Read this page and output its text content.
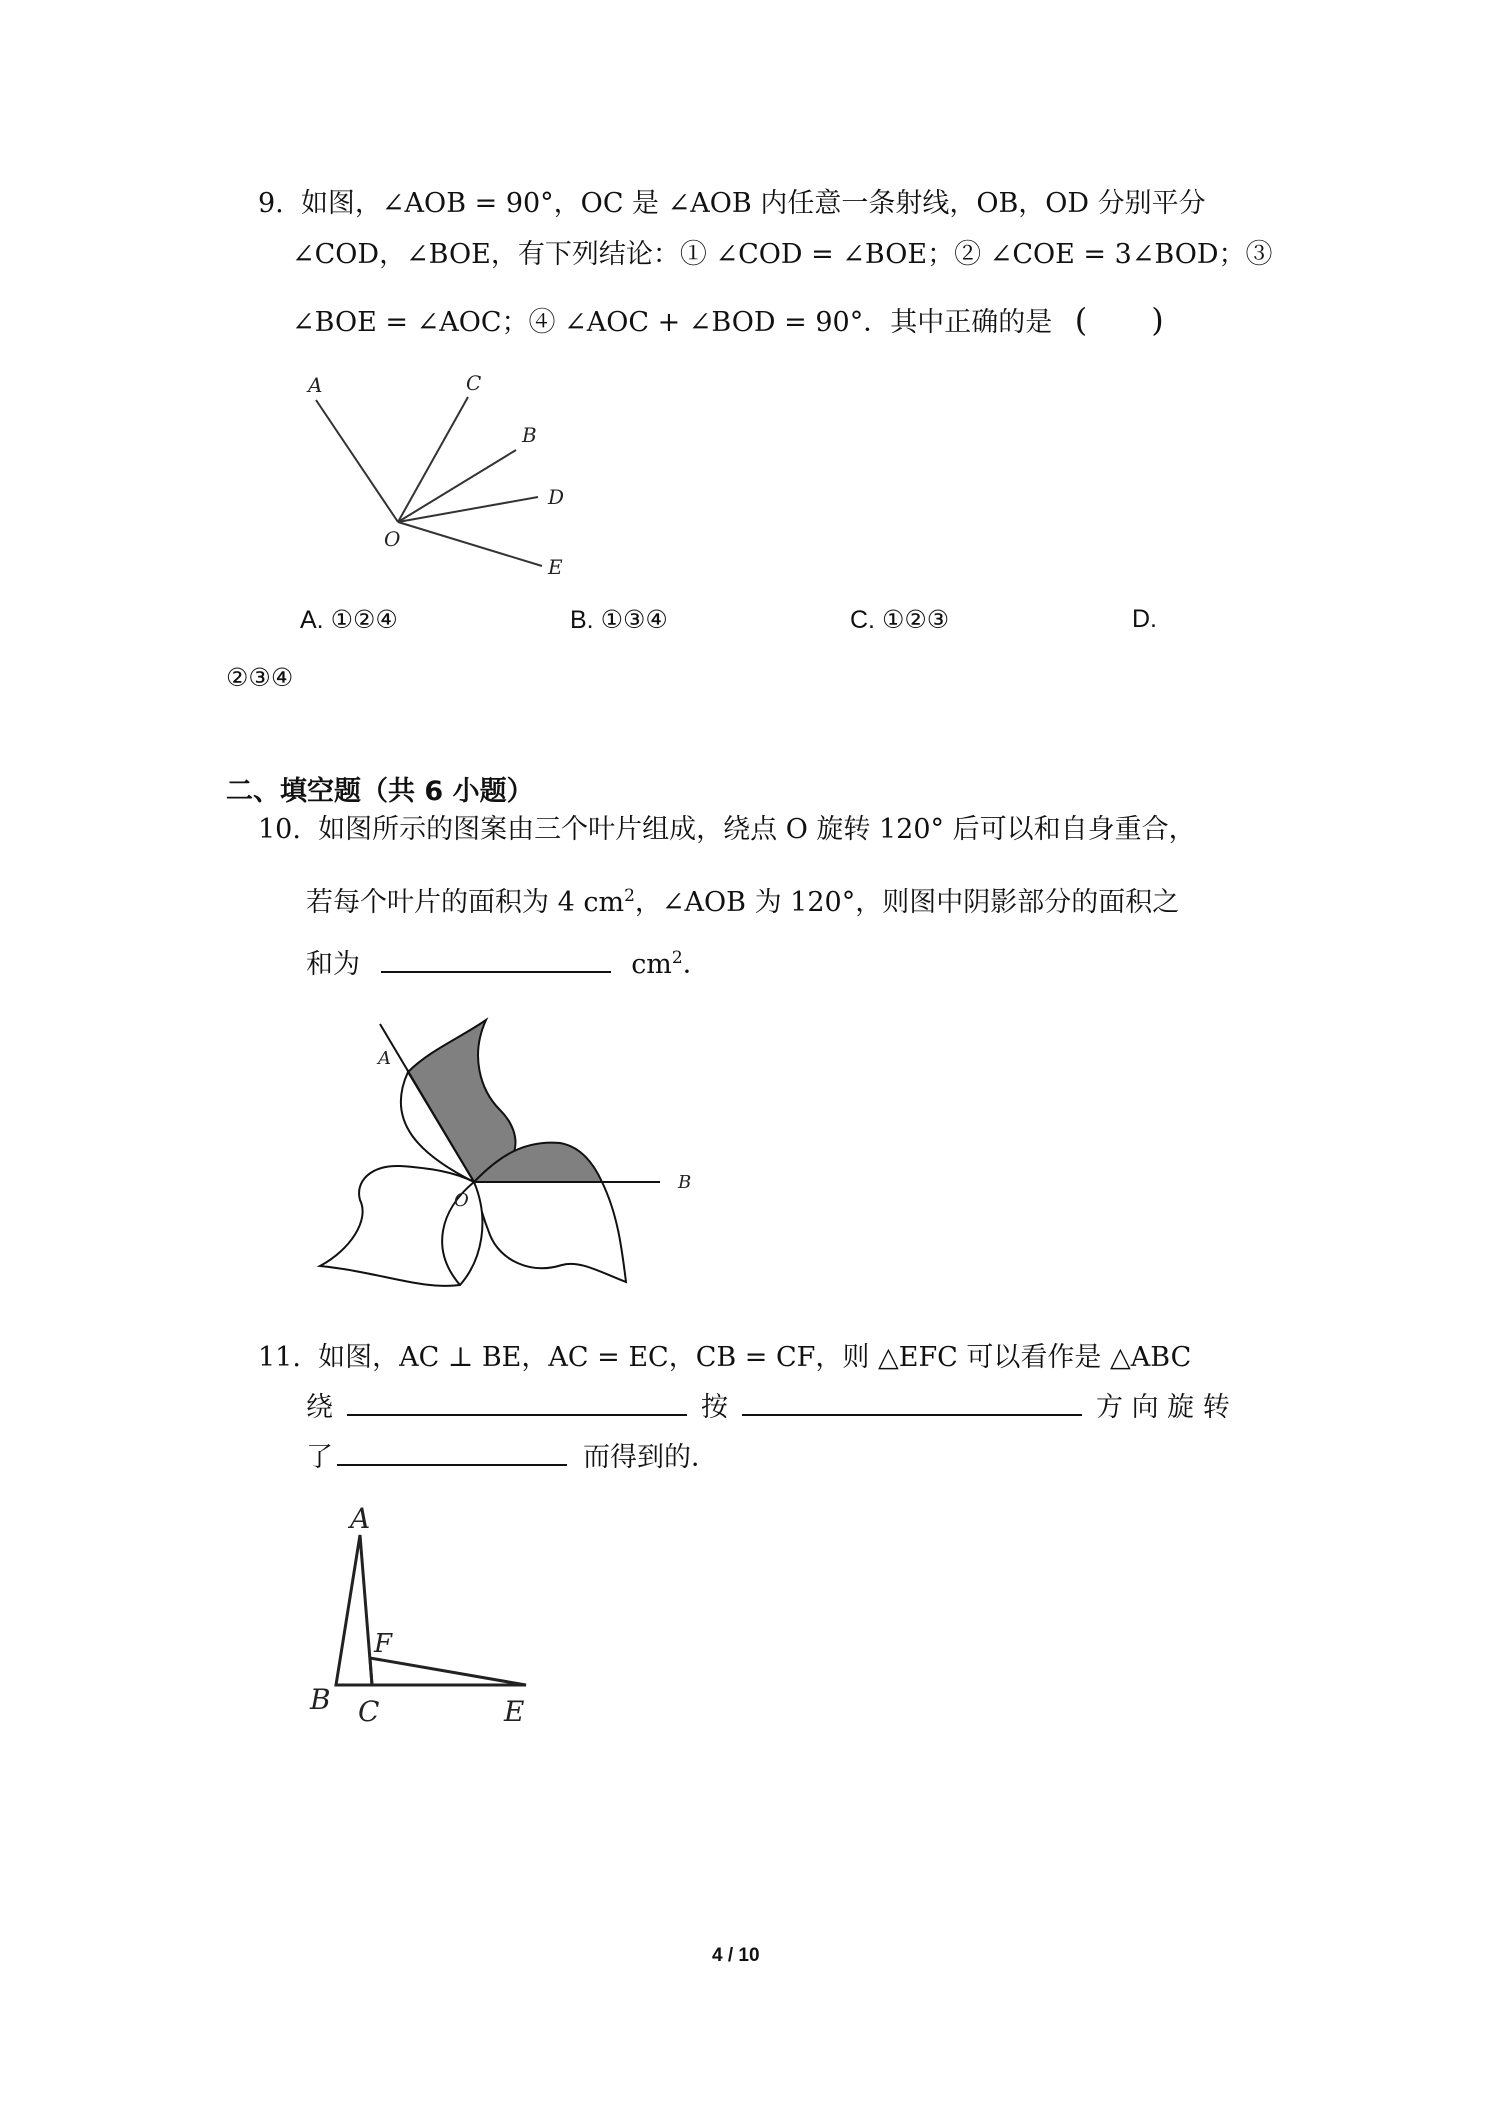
9. 如图，∠AOB = 90°，OC 是 ∠AOB 内任意一条射线，OB，OD 分别平分
∠COD，∠BOE，有下列结论：① ∠COD = ∠BOE；② ∠COE = 3∠BOD；③
∠BOE = ∠AOC；④ ∠AOC + ∠BOD = 90°．其中正确的是 (　　)
A	C
B
D
O
E
A. ①②④	B. ①③④	C. ①②③	D.
②③④
二、填空题（共 6 小题）
10. 如图所示的图案由三个叶片组成，绕点 O 旋转 120° 后可以和自身重合，
若每个叶片的面积为 4 $cm^2$，∠AOB 为 120°，则图中阴影部分的面积之
和为	$cm^2$．
A
B
O
11. 如图，AC ⊥ BE，AC = EC，CB = CF，则 △EFC 可以看作是 △ABC
绕	按	方 向 旋 转
了	而得到的．
A
F
B C	E
4 / 10
